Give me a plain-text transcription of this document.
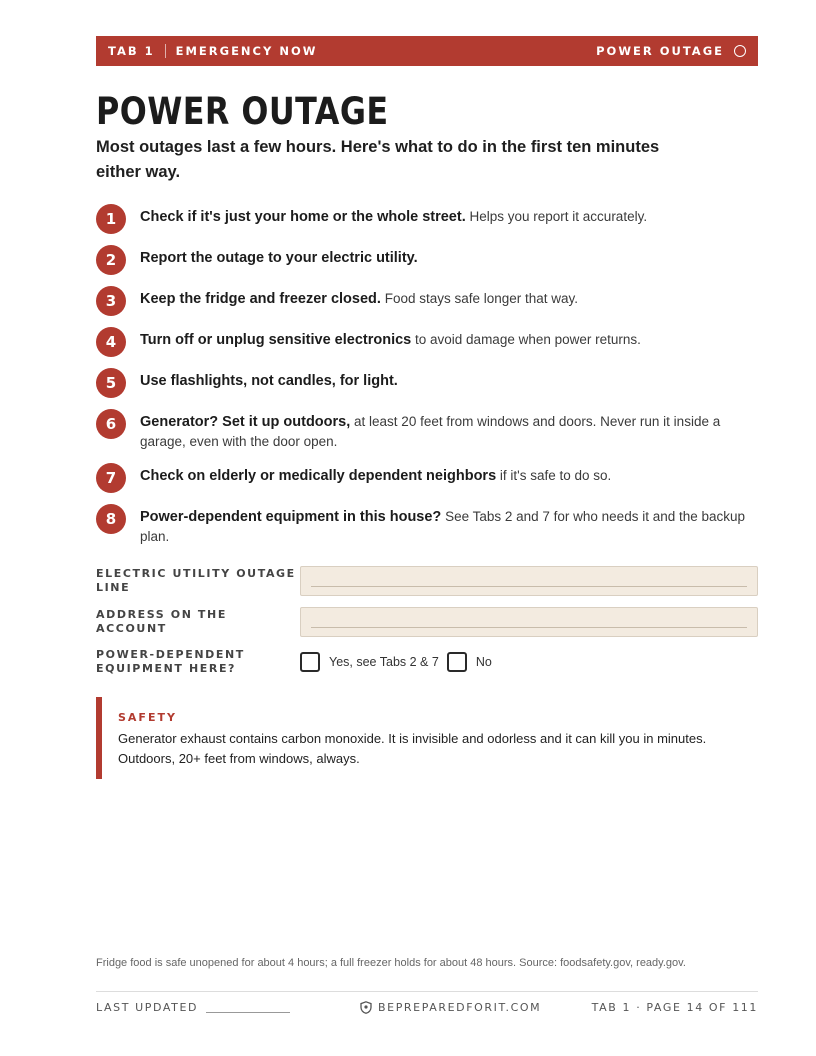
TAB 1 EMERGENCY NOW	POWER OUTAGE
POWER OUTAGE

Most outages last a few hours. Here's what to do in the first ten minutes either way.

1	Check if it's just your home or the whole street. Helps you report it accurately.
2	Report the outage to your electric utility.
3	Keep the fridge and freezer closed. Food stays safe longer that way.
4	Turn off or unplug sensitive electronics to avoid damage when power returns.
5	Use flashlights, not candles, for light.
6	Generator? Set it up outdoors, at least 20 feet from windows and doors. Never run it inside a garage, even with the door open.
7	Check on elderly or medically dependent neighbors if it's safe to do so.
8	Power-dependent equipment in this house? See Tabs 2 and 7 for who needs it and the backup plan.
ELECTRIC UTILITY OUTAGE LINE
ADDRESS ON THE ACCOUNT
POWER-DEPENDENT EQUIPMENT HERE?	Yes, see Tabs 2 & 7	No
SAFETY
Generator exhaust contains carbon monoxide. It is invisible and odorless and it can kill you in minutes. Outdoors, 20+ feet from windows, always.
Fridge food is safe unopened for about 4 hours; a full freezer holds for about 48 hours. Source: foodsafety.gov, ready.gov.
LAST UPDATED	BEPREPAREDFORIT.COM	TAB 1 · PAGE 14 OF 111
